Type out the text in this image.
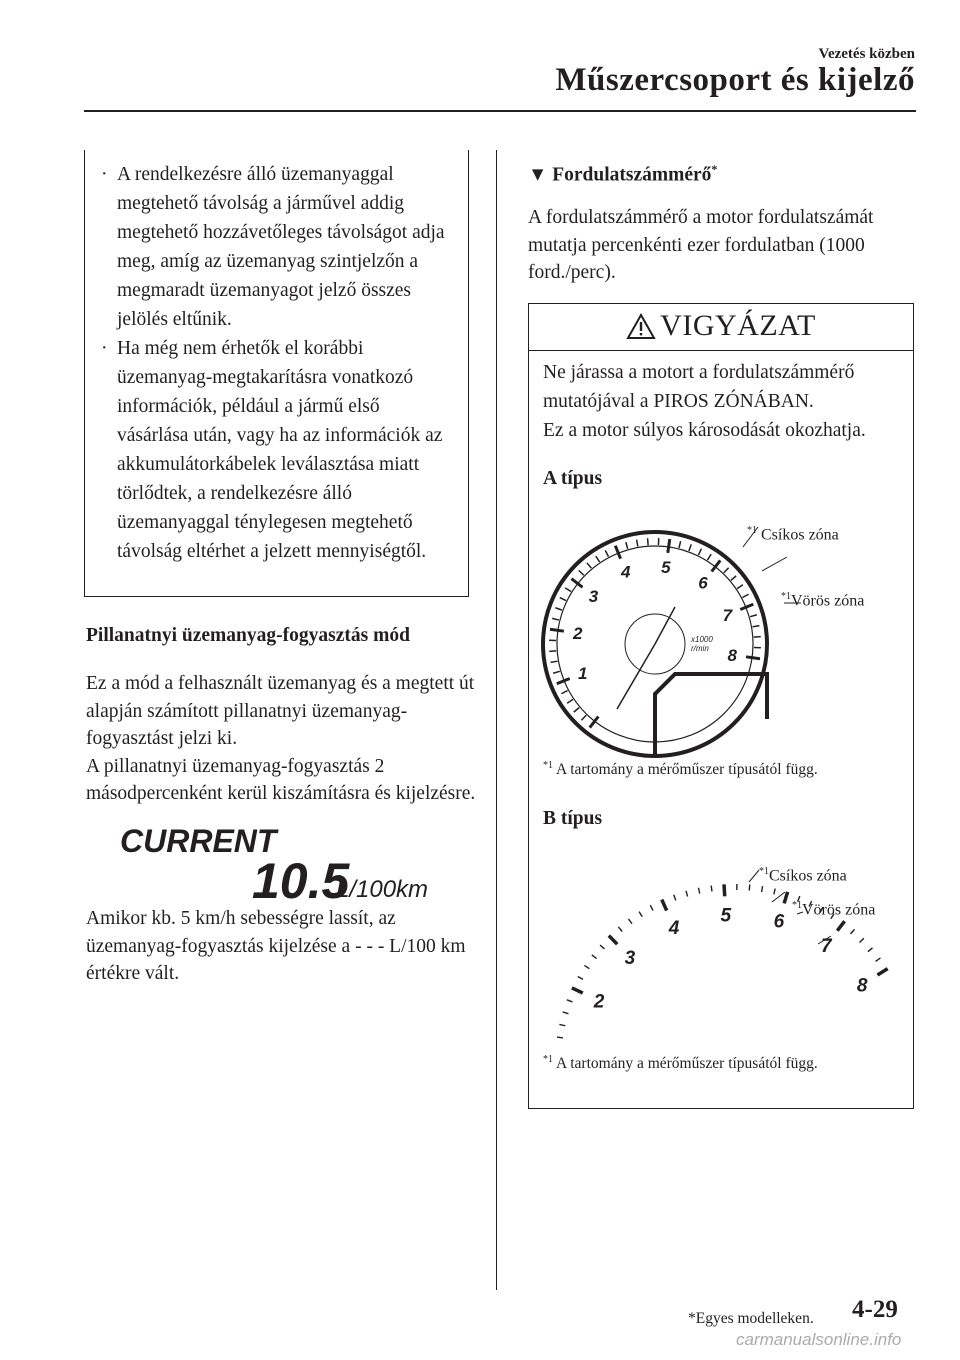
Vezetés közben
Műszercsoport és kijelző
· A rendelkezésre álló üzemanyaggal megtehető távolság a járművel addig megtehető hozzávetőleges távolságot adja meg, amíg az üzemanyag szintjelzőn a megmaradt üzemanyagot jelző összes jelölés eltűnik.
· Ha még nem érhetők el korábbi üzemanyag-megtakarításra vonatkozó információk, például a jármű első vásárlása után, vagy ha az információk az akkumulátorkábelek leválasztása miatt törlődtek, a rendelkezésre álló üzemanyaggal ténylegesen megtehető távolság eltérhet a jelzett mennyiségtől.
Pillanatnyi üzemanyag-fogyasztás mód
Ez a mód a felhasznált üzemanyag és a megtett út alapján számított pillanatnyi üzemanyag-fogyasztást jelzi ki.
A pillanatnyi üzemanyag-fogyasztás 2 másodpercenként kerül kiszámításra és kijelzésre.
CURRENT
10.5
L/100km
Amikor kb. 5 km/h sebességre lassít, az üzemanyag-fogyasztás kijelzése a - - - L/100 km értékre vált.
▼ Fordulatszámmérő*
A fordulatszámmérő a motor fordulatszámát mutatja percenkénti ezer fordulatban (1000 ford./perc).
VIGYÁZAT
Ne járassa a motort a fordulatszámmérő mutatójával a PIROS ZÓNÁBAN.
Ez a motor súlyos károsodását okozhatja.
A típus
1
2
3
4 5
6
7
8
x1000
r/min
$^{*1}$ Csíkos zóna
$^{*1}$Vörös zóna
$^{*1}$ A tartomány a mérőműszer típusától függ.
B típus
2
3
4
5 6
7
8
$^{*1}$Csíkos zóna
$^{*1}$Vörös zóna
$^{*1}$ A tartomány a mérőműszer típusától függ.
*Egyes modelleken. 4-29
carmanualsonline.info
